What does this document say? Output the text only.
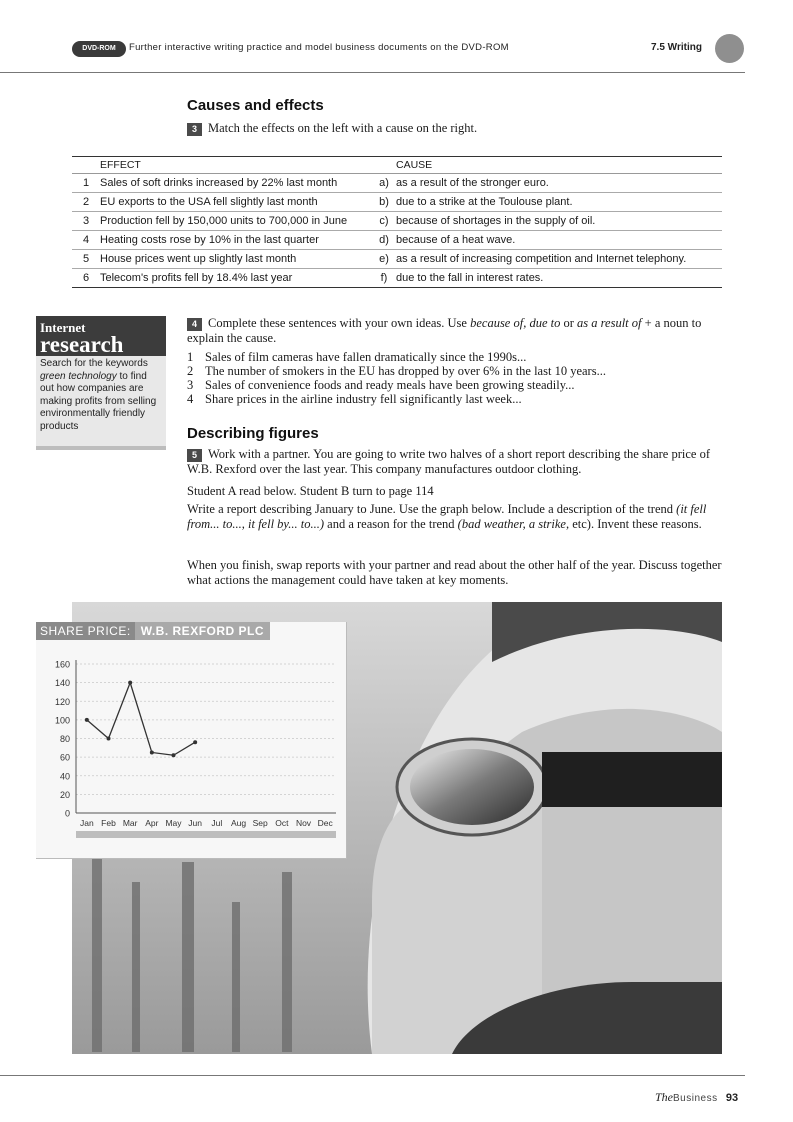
DVD-ROM	Further interactive writing practice and model business documents on the DVD-ROM	7.5 Writing
Causes and effects
3 Match the effects on the left with a cause on the right.
	EFFECT		CAUSE
1	Sales of soft drinks increased by 22% last month	a)	as a result of the stronger euro.
2	EU exports to the USA fell slightly last month	b)	due to a strike at the Toulouse plant.
3	Production fell by 150,000 units to 700,000 in June	c)	because of shortages in the supply of oil.
4	Heating costs rose by 10% in the last quarter	d)	because of a heat wave.
5	House prices went up slightly last month	e)	as a result of increasing competition and Internet telephony.
6	Telecom's profits fell by 18.4% last year	f)	due to the fall in interest rates.
Internet
research
Search for the keywords green technology to find out how companies are making profits from selling environmentally friendly products
4 Complete these sentences with your own ideas. Use because of, due to or as a result of + a noun to explain the cause.
1 Sales of film cameras have fallen dramatically since the 1990s...
2 The number of smokers in the EU has dropped by over 6% in the last 10 years...
3 Sales of convenience foods and ready meals have been growing steadily...
4 Share prices in the airline industry fell significantly last week...
Describing figures
5 Work with a partner. You are going to write two halves of a short report describing the share price of W.B. Rexford over the last year. This company manufactures outdoor clothing.
Student A read below. Student B turn to page 114
Write a report describing January to June. Use the graph below. Include a description of the trend (it fell from... to..., it fell by... to...) and a reason for the trend (bad weather, a strike, etc). Invent these reasons.
When you finish, swap reports with your partner and read about the other half of the year. Discuss together what actions the management could have taken at key moments.
SHARE PRICE: W.B. REXFORD PLC
160
140
120
100
80
60
40
20
0
Jan Feb Mar Apr May Jun Jul Aug Sep Oct Nov Dec
TheBusiness 93
